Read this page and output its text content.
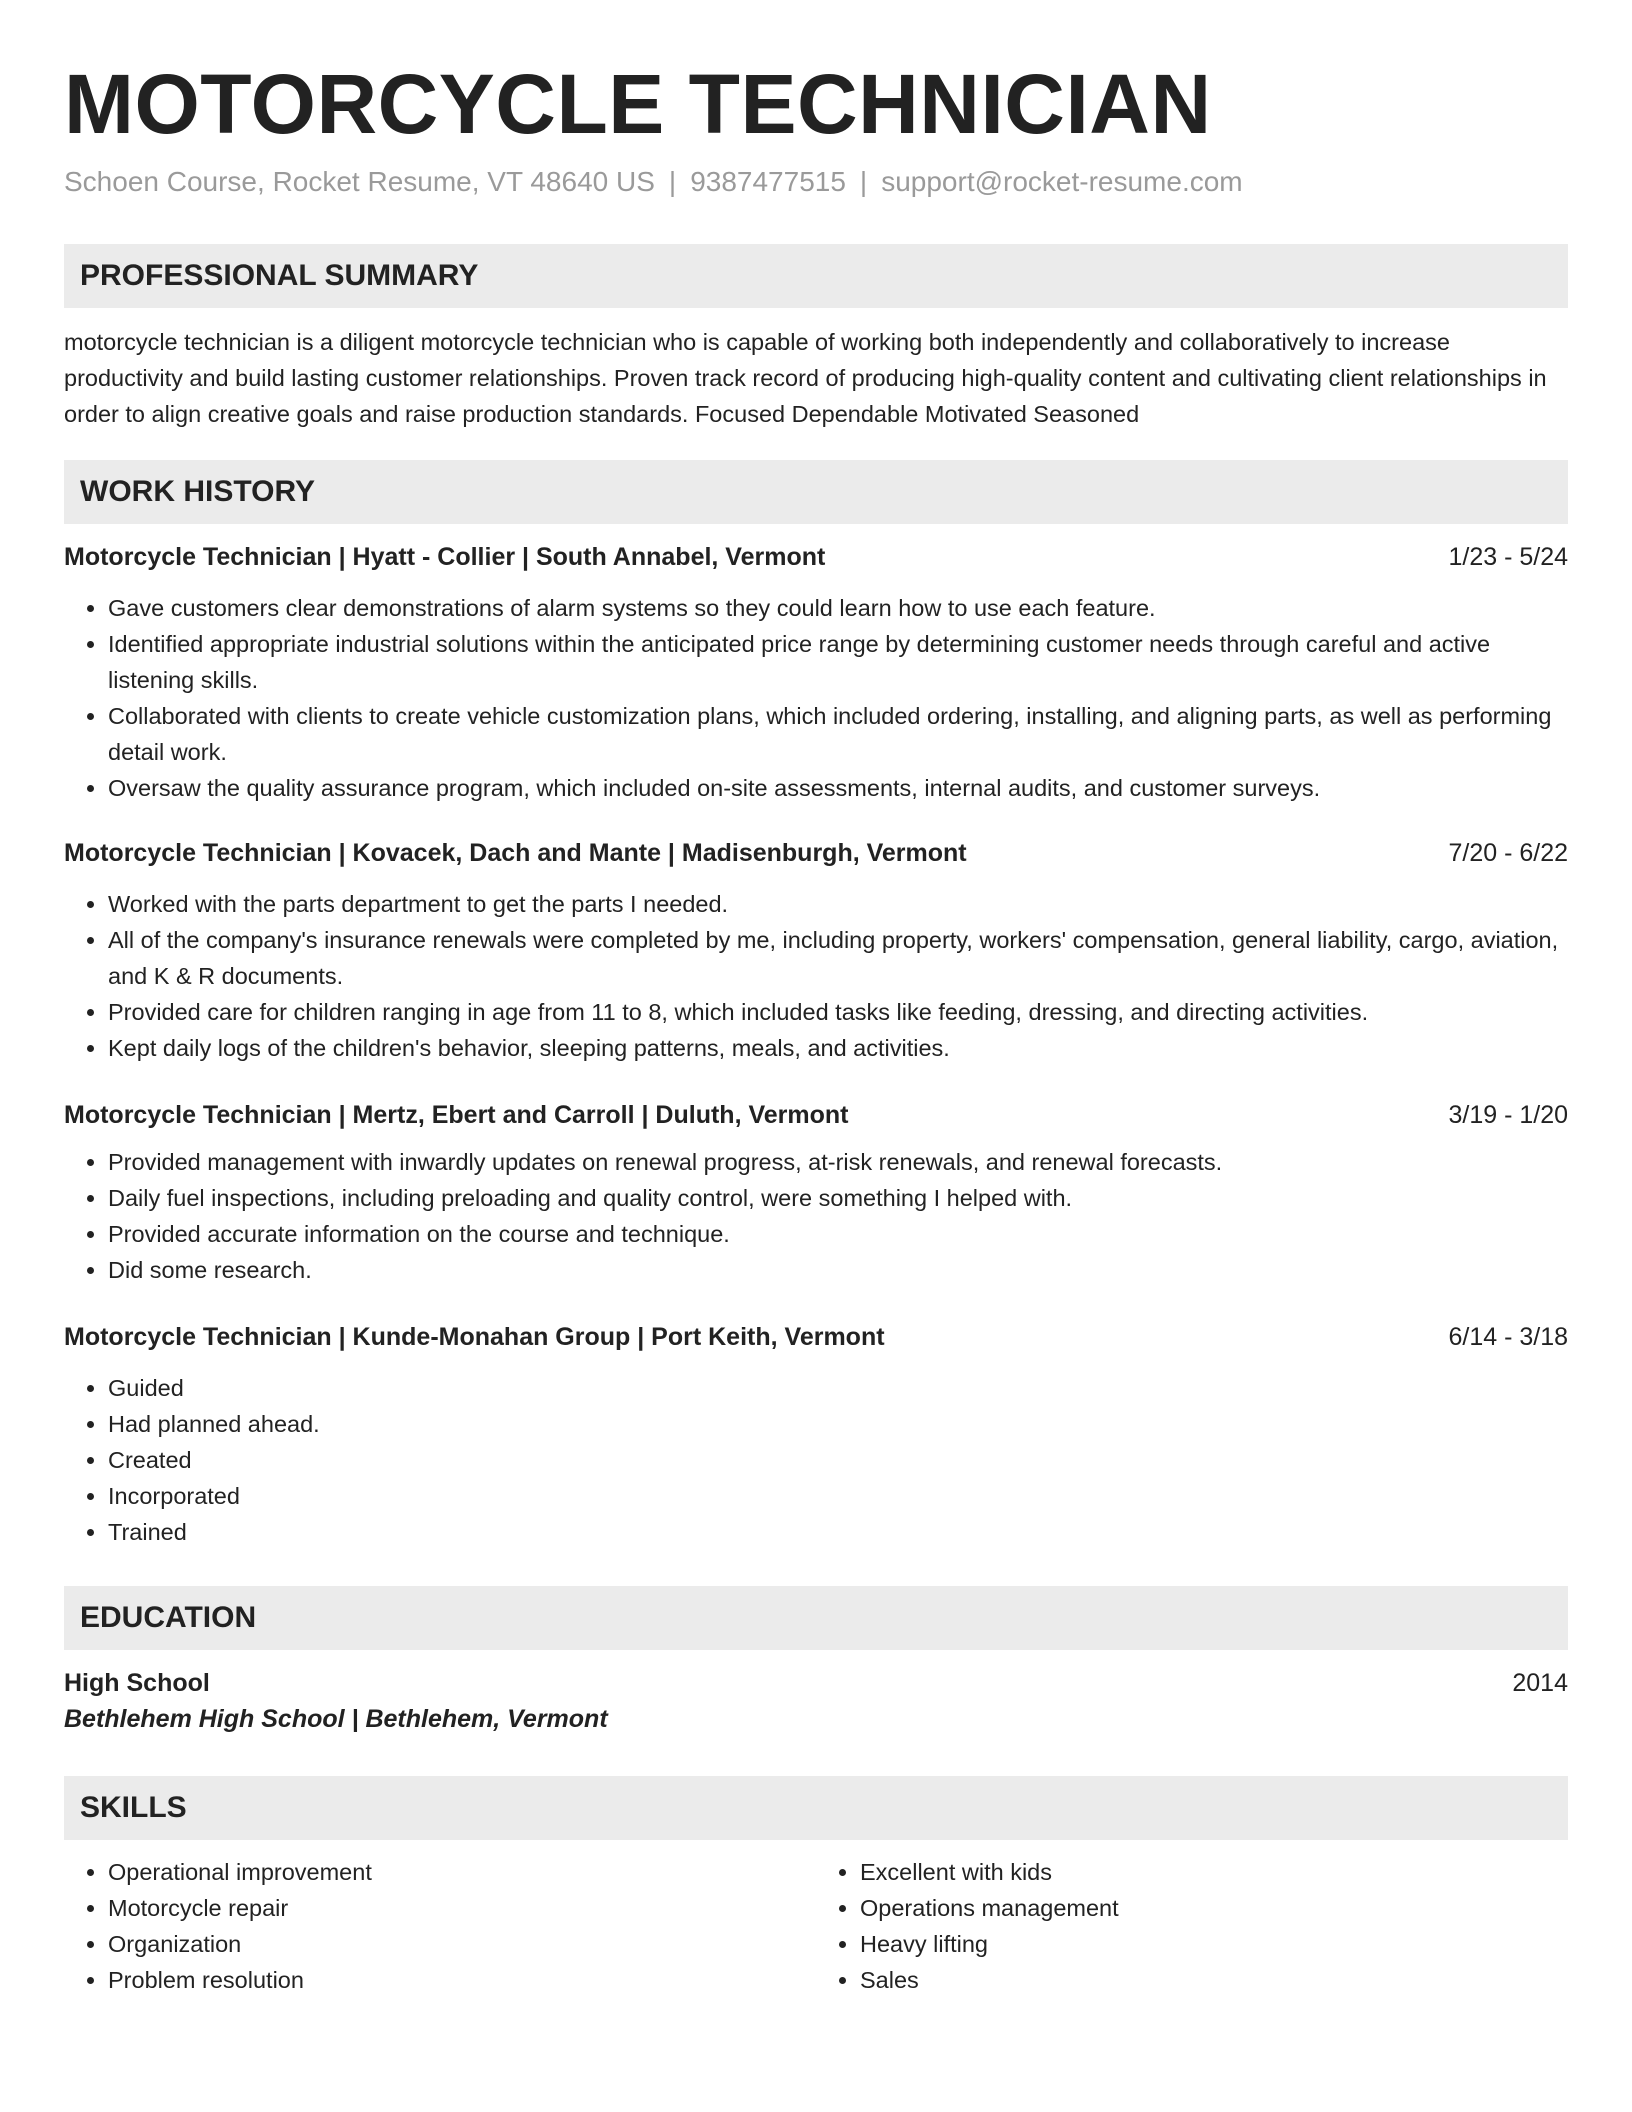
MOTORCYCLE TECHNICIAN
Schoen Course, Rocket Resume, VT 48640 US | 9387477515 | support@rocket-resume.com
PROFESSIONAL SUMMARY

motorcycle technician is a diligent motorcycle technician who is capable of working both independently and collaboratively to increase productivity and build lasting customer relationships. Proven track record of producing high-quality content and cultivating client relationships in order to align creative goals and raise production standards. Focused Dependable Motivated Seasoned

WORK HISTORY
Motorcycle Technician | Hyatt - Collier | South Annabel, Vermont	1/23 - 5/24
• Gave customers clear demonstrations of alarm systems so they could learn how to use each feature.
• Identified appropriate industrial solutions within the anticipated price range by determining customer needs through careful and active listening skills.
• Collaborated with clients to create vehicle customization plans, which included ordering, installing, and aligning parts, as well as performing detail work.
• Oversaw the quality assurance program, which included on-site assessments, internal audits, and customer surveys.
Motorcycle Technician | Kovacek, Dach and Mante | Madisenburgh, Vermont	7/20 - 6/22
• Worked with the parts department to get the parts I needed.
• All of the company's insurance renewals were completed by me, including property, workers' compensation, general liability, cargo, aviation, and K & R documents.
• Provided care for children ranging in age from 11 to 8, which included tasks like feeding, dressing, and directing activities.
• Kept daily logs of the children's behavior, sleeping patterns, meals, and activities.
Motorcycle Technician | Mertz, Ebert and Carroll | Duluth, Vermont	3/19 - 1/20
• Provided management with inwardly updates on renewal progress, at-risk renewals, and renewal forecasts.
• Daily fuel inspections, including preloading and quality control, were something I helped with.
• Provided accurate information on the course and technique.
• Did some research.
Motorcycle Technician | Kunde-Monahan Group | Port Keith, Vermont	6/14 - 3/18
• Guided
• Had planned ahead.
• Created
• Incorporated
• Trained
EDUCATION
High School	2014
Bethlehem High School | Bethlehem, Vermont
SKILLS
• Operational improvement
• Motorcycle repair
• Organization
• Problem resolution
• Excellent with kids
• Operations management
• Heavy lifting
• Sales
